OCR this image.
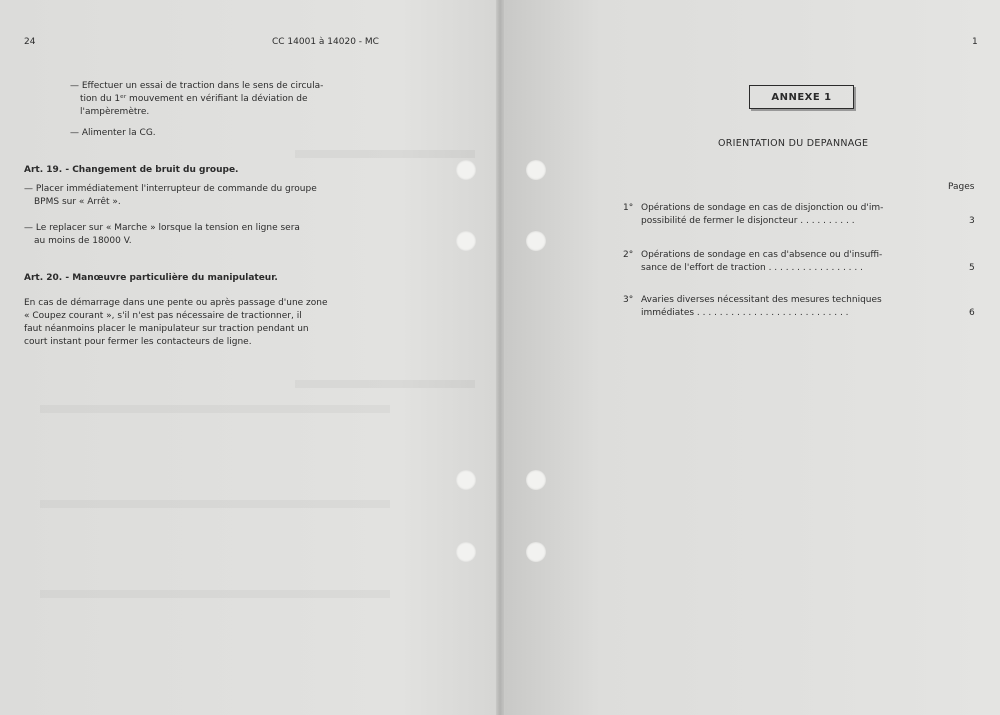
24	CC 14001 à 14020 - MC

— Effectuer un essai de traction dans le sens de circula-

tion du 1ᵉʳ mouvement en vérifiant la déviation de

l'ampèremètre.

— Alimenter la CG.

Art. 19. - Changement de bruit du groupe.

— Placer immédiatement l'interrupteur de commande du groupe

BPMS sur « Arrêt ».

— Le replacer sur « Marche » lorsque la tension en ligne sera

au moins de 18000 V.

Art. 20. - Manœuvre particulière du manipulateur.

En cas de démarrage dans une pente ou après passage d'une zone

« Coupez courant », s'il n'est pas nécessaire de tractionner, il

faut néanmoins placer le manipulateur sur traction pendant un

court instant pour fermer les contacteurs de ligne.

1

ANNEXE 1

ORIENTATION DU DEPANNAGE

Pages

1° Opérations de sondage en cas de disjonction ou d'im-
possibilité de fermer le disjoncteur . . . . . . . . . .	3
2° Opérations de sondage en cas d'absence ou d'insuffi-
sance de l'effort de traction . . . . . . . . . . . . . . . . .	5
3° Avaries diverses nécessitant des mesures techniques
immédiates . . . . . . . . . . . . . . . . . . . . . . . . . . .	6
